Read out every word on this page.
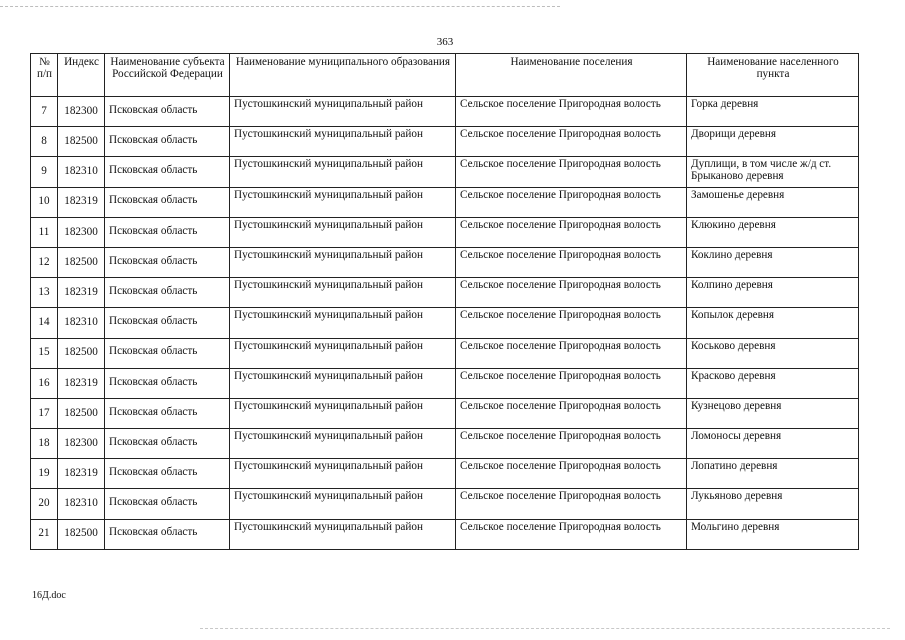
363
№ п/п	Индекс	Наименование субъекта Российской Федерации	Наименование муниципального образования	Наименование поселения	Наименование населенного пункта
7	182300	Псковская область	Пустошкинский муниципальный район	Сельское поселение Пригородная волость	Горка деревня
8	182500	Псковская область	Пустошкинский муниципальный район	Сельское поселение Пригородная волость	Дворищи деревня
9	182310	Псковская область	Пустошкинский муниципальный район	Сельское поселение Пригородная волость	Дуплищи, в том числе ж/д ст. Брыканово деревня
10	182319	Псковская область	Пустошкинский муниципальный район	Сельское поселение Пригородная волость	Замошенье деревня
11	182300	Псковская область	Пустошкинский муниципальный район	Сельское поселение Пригородная волость	Клюкино деревня
12	182500	Псковская область	Пустошкинский муниципальный район	Сельское поселение Пригородная волость	Коклино деревня
13	182319	Псковская область	Пустошкинский муниципальный район	Сельское поселение Пригородная волость	Колпино деревня
14	182310	Псковская область	Пустошкинский муниципальный район	Сельское поселение Пригородная волость	Копылок деревня
15	182500	Псковская область	Пустошкинский муниципальный район	Сельское поселение Пригородная волость	Коськово деревня
16	182319	Псковская область	Пустошкинский муниципальный район	Сельское поселение Пригородная волость	Красково деревня
17	182500	Псковская область	Пустошкинский муниципальный район	Сельское поселение Пригородная волость	Кузнецово деревня
18	182300	Псковская область	Пустошкинский муниципальный район	Сельское поселение Пригородная волость	Ломоносы деревня
19	182319	Псковская область	Пустошкинский муниципальный район	Сельское поселение Пригородная волость	Лопатино деревня
20	182310	Псковская область	Пустошкинский муниципальный район	Сельское поселение Пригородная волость	Лукьяново деревня
21	182500	Псковская область	Пустошкинский муниципальный район	Сельское поселение Пригородная волость	Мольгино деревня
16Д.doc
